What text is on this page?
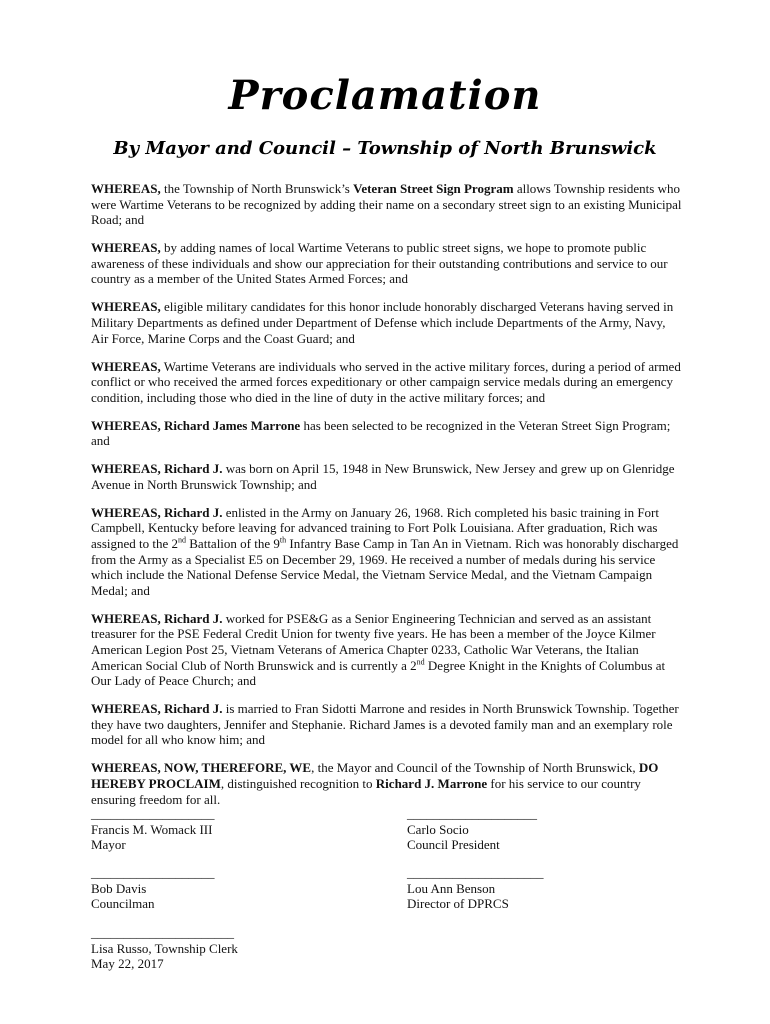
Proclamation
By Mayor and Council – Township of North Brunswick

WHEREAS, the Township of North Brunswick’s Veteran Street Sign Program allows Township residents who were Wartime Veterans to be recognized by adding their name on a secondary street sign to an existing Municipal Road; and

WHEREAS, by adding names of local Wartime Veterans to public street signs, we hope to promote public awareness of these individuals and show our appreciation for their outstanding contributions and service to our country as a member of the United States Armed Forces; and

WHEREAS, eligible military candidates for this honor include honorably discharged Veterans having served in Military Departments as defined under Department of Defense which include Departments of the Army, Navy, Air Force, Marine Corps and the Coast Guard; and

WHEREAS, Wartime Veterans are individuals who served in the active military forces, during a period of armed conflict or who received the armed forces expeditionary or other campaign service medals during an emergency condition, including those who died in the line of duty in the active military forces; and

WHEREAS, Richard James Marrone has been selected to be recognized in the Veteran Street Sign Program; and

WHEREAS, Richard J. was born on April 15, 1948 in New Brunswick, New Jersey and grew up on Glenridge Avenue in North Brunswick Township; and

WHEREAS, Richard J. enlisted in the Army on January 26, 1968. Rich completed his basic training in Fort Campbell, Kentucky before leaving for advanced training to Fort Polk Louisiana. After graduation, Rich was assigned to the 2nd Battalion of the 9th Infantry Base Camp in Tan An in Vietnam. Rich was honorably discharged from the Army as a Specialist E5 on December 29, 1969. He received a number of medals during his service which include the National Defense Service Medal, the Vietnam Service Medal, and the Vietnam Campaign Medal; and

WHEREAS, Richard J. worked for PSE&G as a Senior Engineering Technician and served as an assistant treasurer for the PSE Federal Credit Union for twenty five years. He has been a member of the Joyce Kilmer American Legion Post 25, Vietnam Veterans of America Chapter 0233, Catholic War Veterans, the Italian American Social Club of North Brunswick and is currently a 2nd Degree Knight in the Knights of Columbus at Our Lady of Peace Church; and

WHEREAS, Richard J. is married to Fran Sidotti Marrone and resides in North Brunswick Township. Together they have two daughters, Jennifer and Stephanie. Richard James is a devoted family man and an exemplary role model for all who know him; and

WHEREAS, NOW, THEREFORE, WE, the Mayor and Council of the Township of North Brunswick, DO HEREBY PROCLAIM, distinguished recognition to Richard J. Marrone for his service to our country ensuring freedom for all.

___________________
Francis M. Womack III
Mayor
____________________
Carlo Socio
Council President
___________________
Bob Davis
Councilman
_____________________
Lou Ann Benson
Director of DPRCS
______________________
Lisa Russo, Township Clerk
May 22, 2017
